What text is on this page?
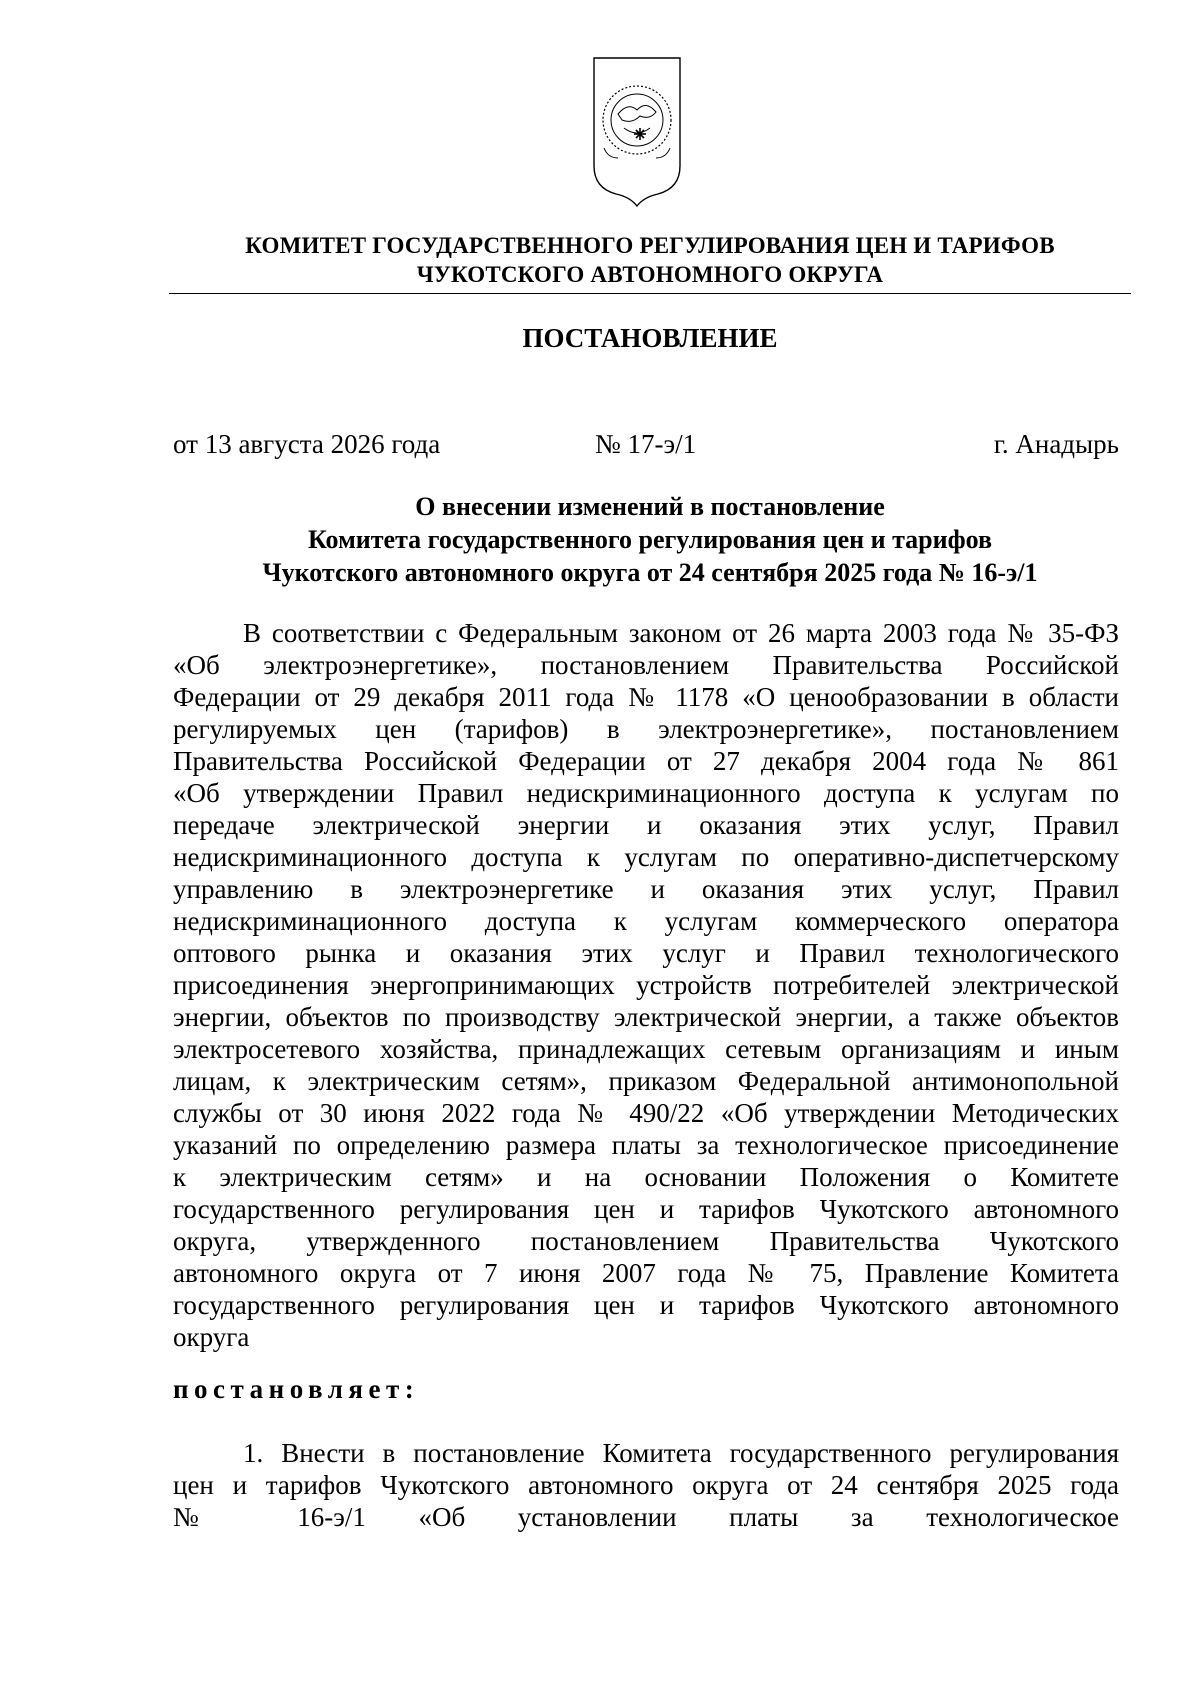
КОМИТЕТ ГОСУДАРСТВЕННОГО РЕГУЛИРОВАНИЯ ЦЕН И ТАРИФОВ
ЧУКОТСКОГО АВТОНОМНОГО ОКРУГА
ПОСТАНОВЛЕНИЕ
от 13 августа 2026 года	№ 17-э/1	г. Анадырь
О внесении изменений в постановление
Комитета государственного регулирования цен и тарифов
Чукотского автономного округа от 24 сентября 2025 года № 16-э/1
В соответствии с Федеральным законом от 26 марта 2003 года № 35-ФЗ
«Об электроэнергетике», постановлением Правительства Российской
Федерации от 29 декабря 2011 года № 1178 «О ценообразовании в области
регулируемых цен (тарифов) в электроэнергетике», постановлением
Правительства Российской Федерации от 27 декабря 2004 года № 861
«Об утверждении Правил недискриминационного доступа к услугам по
передаче электрической энергии и оказания этих услуг, Правил
недискриминационного доступа к услугам по оперативно-диспетчерскому
управлению в электроэнергетике и оказания этих услуг, Правил
недискриминационного доступа к услугам коммерческого оператора
оптового рынка и оказания этих услуг и Правил технологического
присоединения энергопринимающих устройств потребителей электрической
энергии, объектов по производству электрической энергии, а также объектов
электросетевого хозяйства, принадлежащих сетевым организациям и иным
лицам, к электрическим сетям», приказом Федеральной антимонопольной
службы от 30 июня 2022 года № 490/22 «Об утверждении Методических
указаний по определению размера платы за технологическое присоединение
к электрическим сетям» и на основании Положения о Комитете
государственного регулирования цен и тарифов Чукотского автономного
округа, утвержденного постановлением Правительства Чукотского
автономного округа от 7 июня 2007 года № 75, Правление Комитета
государственного регулирования цен и тарифов Чукотского автономного
округа
постановляет:
1. Внести в постановление Комитета государственного регулирования
цен и тарифов Чукотского автономного округа от 24 сентября 2025 года
№ 16-э/1 «Об установлении платы за технологическое
